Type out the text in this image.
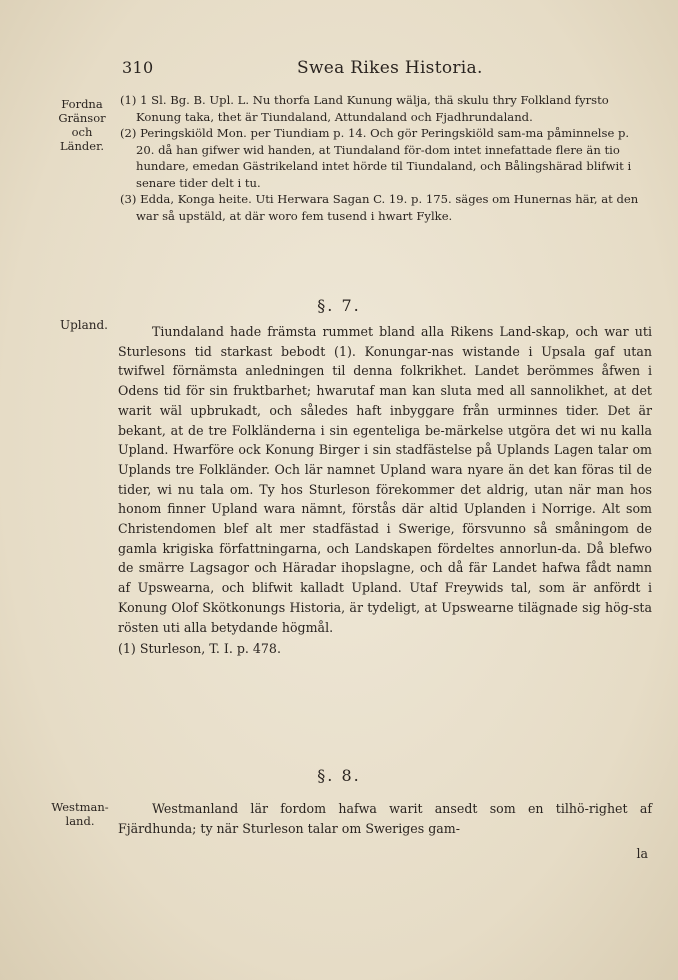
310	Swea Rikes Historia.
Fordna
Gränsor
och
Länder.

(1) 1 Sl. Bg. B. Upl. L. Nu thorfa Land Kunung wälja, thä skulu thry Folkland fyrsto Konung taka, thet är Tiundaland, Attundaland och Fjadhrundaland.

(2) Peringskiöld Mon. per Tiundiam p. 14. Och gör Peringskiöld sam-ma påminnelse p. 20. då han gifwer wid handen, at Tiundaland för-dom intet innefattade flere än tio hundare, emedan Gästrikeland intet hörde til Tiundaland, och Bålingshärad blifwit i senare tider delt i tu.

(3) Edda, Konga heite. Uti Herwara Sagan C. 19. p. 175. säges om Hunernas här, at den war så upstäld, at där woro fem tusend i hwart Fylke.

§. 7.
Upland.	Tiundaland hade främsta rummet bland alla Rikens Land-skap, och war uti Sturlesons tid starkast bebodt (1). Konungar-nas wistande i Upsala gaf utan twifwel förnämsta anledningen til denna folkrikhet. Landet berömmes åfwen i Odens tid för sin fruktbarhet; hwarutaf man kan sluta med all sannolikhet, at det warit wäl upbrukadt, och således haft inbyggare från urminnes tider. Det är bekant, at de tre Folkländerna i sin egenteliga be-märkelse utgöra det wi nu kalla Upland. Hwarföre ock Konung Birger i sin stadfästelse på Uplands Lagen talar om Uplands tre Folkländer. Och lär namnet Upland wara nyare än det kan föras til de tider, wi nu tala om. Ty hos Sturleson förekommer det aldrig, utan när man hos honom finner Upland wara nämnt, förstås där altid Uplanden i Norrige. Alt som Christendomen blef alt mer stadfästad i Swerige, försvunno så småningom de gamla krigiska författningarna, och Landskapen fördeltes annorlun-da. Då blefwo de smärre Lagsagor och Häradar ihopslagne, och då fär Landet hafwa fådt namn af Upswearna, och blifwit kalladt Upland. Utaf Freywids tal, som är anfördt i Konung Olof Skötkonungs Historia, är tydeligt, at Upswearne tilägnade sig hög-sta rösten uti alla betydande högmål.

(1) Sturleson, T. I. p. 478.

§. 8.
Westman-
land.

Westmanland lär fordom hafwa warit ansedt som en tilhö-righet af Fjärdhunda; ty när Sturleson talar om Sweriges gam-

la
